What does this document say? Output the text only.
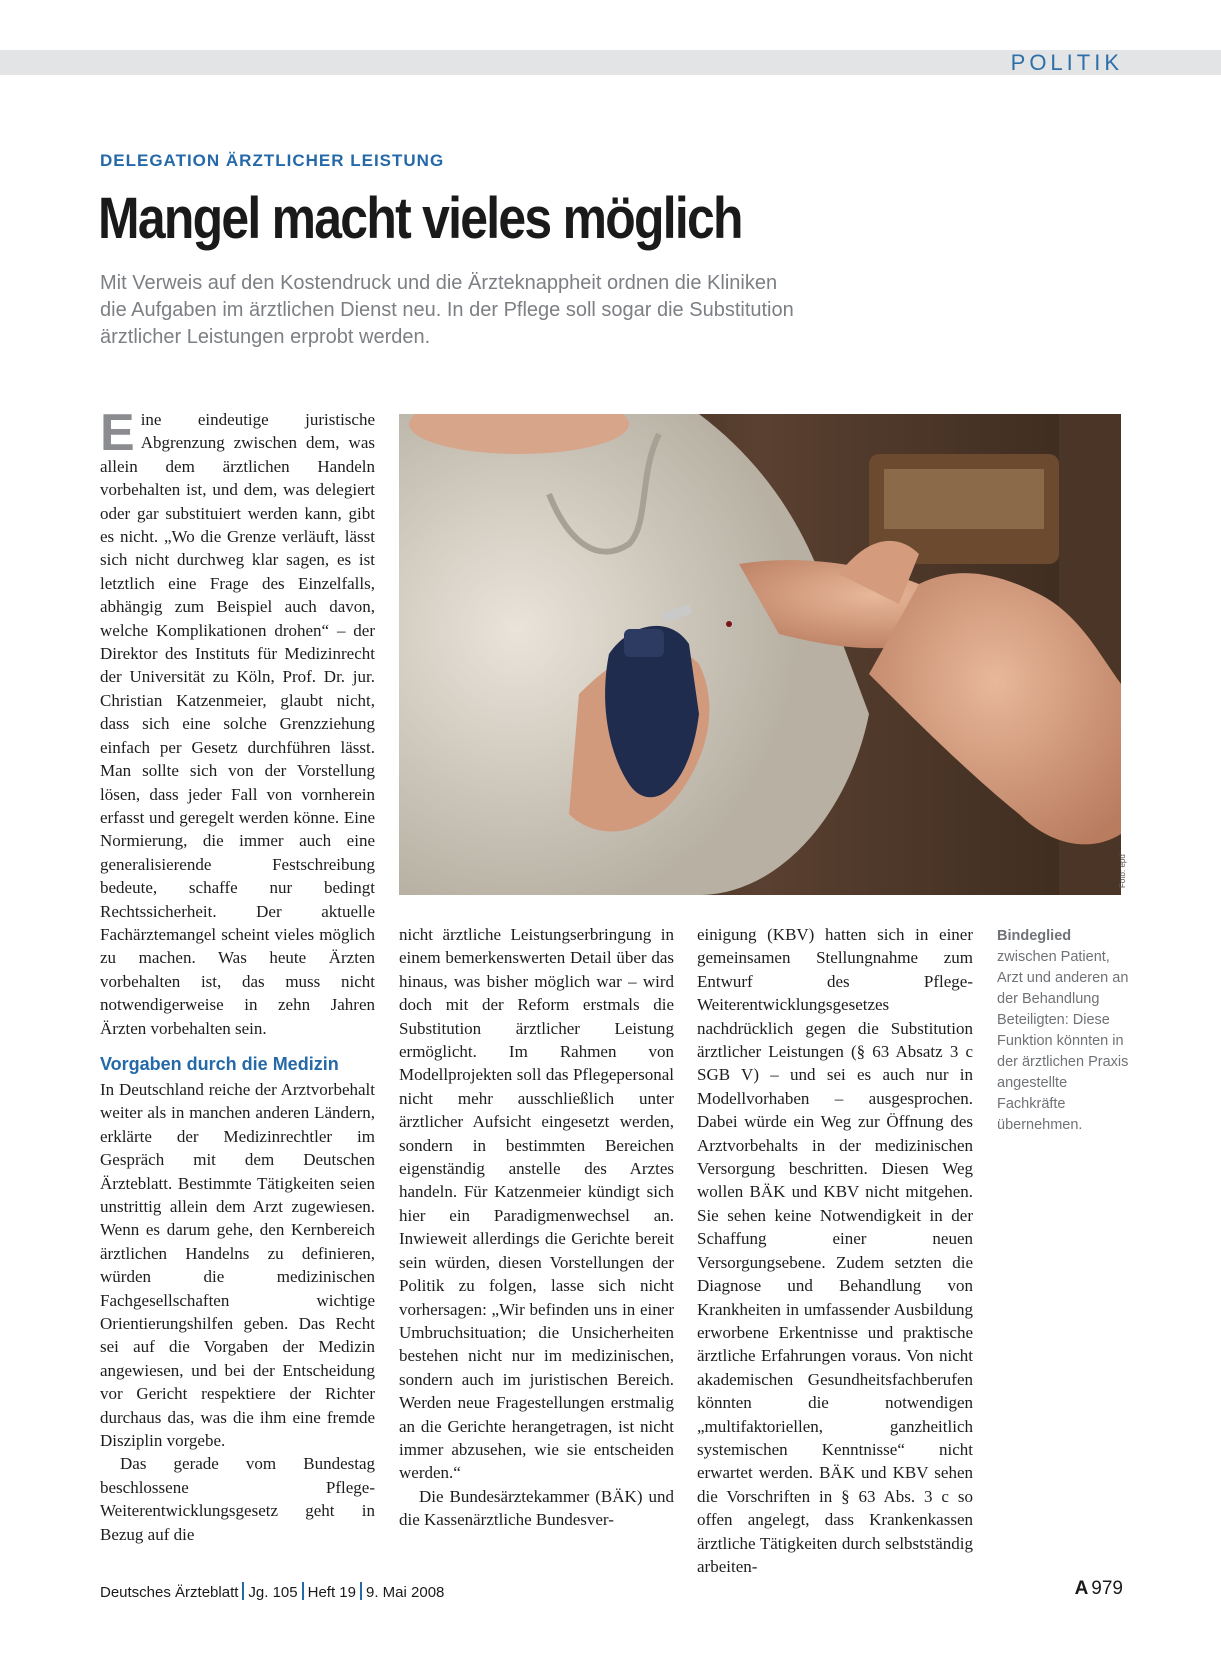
POLITIK
DELEGATION ÄRZTLICHER LEISTUNG
Mangel macht vieles möglich

Mit Verweis auf den Kostendruck und die Ärzteknappheit ordnen die Kliniken die Aufgaben im ärztlichen Dienst neu. In der Pflege soll sogar die Substitution ärztlicher Leistungen erprobt werden.

Eine eindeutige juristische Abgrenzung zwischen dem, was allein dem ärztlichen Handeln vorbehalten ist, und dem, was delegiert oder gar substituiert werden kann, gibt es nicht. „Wo die Grenze verläuft, lässt sich nicht durchweg klar sagen, es ist letztlich eine Frage des Einzelfalls, abhängig zum Beispiel auch davon, welche Komplikationen drohen“ – der Direktor des Instituts für Medizinrecht der Universität zu Köln, Prof. Dr. jur. Christian Katzenmeier, glaubt nicht, dass sich eine solche Grenzziehung einfach per Gesetz durchführen lässt. Man sollte sich von der Vorstellung lösen, dass jeder Fall von vornherein erfasst und geregelt werden könne. Eine Normierung, die immer auch eine generalisierende Festschreibung bedeute, schaffe nur bedingt Rechtssicherheit. Der aktuelle Fachärztemangel scheint vieles möglich zu machen. Was heute Ärzten vorbehalten ist, das muss nicht notwendigerweise in zehn Jahren Ärzten vorbehalten sein.

Vorgaben durch die Medizin

In Deutschland reiche der Arztvorbehalt weiter als in manchen anderen Ländern, erklärte der Medizinrechtler im Gespräch mit dem Deutschen Ärzteblatt. Bestimmte Tätigkeiten seien unstrittig allein dem Arzt zugewiesen. Wenn es darum gehe, den Kernbereich ärztlichen Handelns zu definieren, würden die medizinischen Fachgesellschaften wichtige Orientierungshilfen geben. Das Recht sei auf die Vorgaben der Medizin angewiesen, und bei der Entscheidung vor Gericht respektiere der Richter durchaus das, was die ihm eine fremde Disziplin vorgebe.

Das gerade vom Bundestag beschlossene Pflege-Weiterentwicklungsgesetz geht in Bezug auf die

Foto: epd

nicht ärztliche Leistungserbringung in einem bemerkenswerten Detail über das hinaus, was bisher möglich war – wird doch mit der Reform erstmals die Substitution ärztlicher Leistung ermöglicht. Im Rahmen von Modellprojekten soll das Pflegepersonal nicht mehr ausschließlich unter ärztlicher Aufsicht eingesetzt werden, sondern in bestimmten Bereichen eigenständig anstelle des Arztes handeln. Für Katzenmeier kündigt sich hier ein Paradigmenwechsel an. Inwieweit allerdings die Gerichte bereit sein würden, diesen Vorstellungen der Politik zu folgen, lasse sich nicht vorhersagen: „Wir befinden uns in einer Umbruchsituation; die Unsicherheiten bestehen nicht nur im medizinischen, sondern auch im juristischen Bereich. Werden neue Fragestellungen erstmalig an die Gerichte herangetragen, ist nicht immer abzusehen, wie sie entscheiden werden.“

Die Bundesärztekammer (BÄK) und die Kassenärztliche Bundesver-

einigung (KBV) hatten sich in einer gemeinsamen Stellungnahme zum Entwurf des Pflege-Weiterentwicklungsgesetzes nachdrücklich gegen die Substitution ärztlicher Leistungen (§ 63 Absatz 3 c SGB V) – und sei es auch nur in Modellvorhaben – ausgesprochen. Dabei würde ein Weg zur Öffnung des Arztvorbehalts in der medizinischen Versorgung beschritten. Diesen Weg wollen BÄK und KBV nicht mitgehen. Sie sehen keine Notwendigkeit in der Schaffung einer neuen Versorgungsebene. Zudem setzten die Diagnose und Behandlung von Krankheiten in umfassender Ausbildung erworbene Erkentnisse und praktische ärztliche Erfahrungen voraus. Von nicht akademischen Gesundheitsfachberufen könnten die notwendigen „multifaktoriellen, ganzheitlich systemischen Kenntnisse“ nicht erwartet werden. BÄK und KBV sehen die Vorschriften in § 63 Abs. 3 c so offen angelegt, dass Krankenkassen ärztliche Tätigkeiten durch selbstständig arbeiten-

Bindeglied
zwischen Patient, Arzt und anderen an der Behandlung Beteiligten: Diese Funktion könnten in der ärztlichen Praxis angestellte Fachkräfte übernehmen.
Deutsches Ärzteblatt Jg. 105 Heft 19 9. Mai 2008	A 979
